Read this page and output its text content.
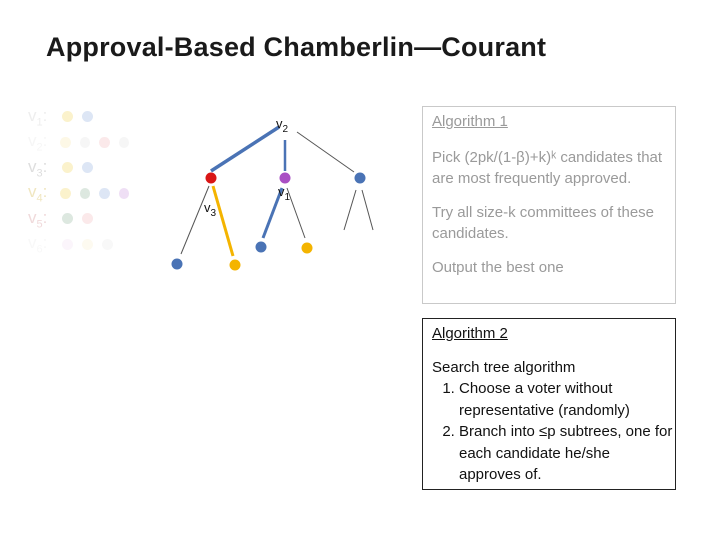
Approval-Based Chamberlin—Courant
$v_1$:
$v_2$:
$v_3$:
$v_4$:
$v_5$:
$v_6$:
$v_2$
$v_1$
$v_3$
Algorithm 1
Pick (2pk/(1-β)+k)ᵏ candidates that are most frequently approved.
Try all size-k committees of these candidates.
Output the best one
Algorithm 2
Search tree algorithm
1. Choose a voter without representative (randomly)
2. Branch into ≤p subtrees, one for each candidate he/she approves of.
